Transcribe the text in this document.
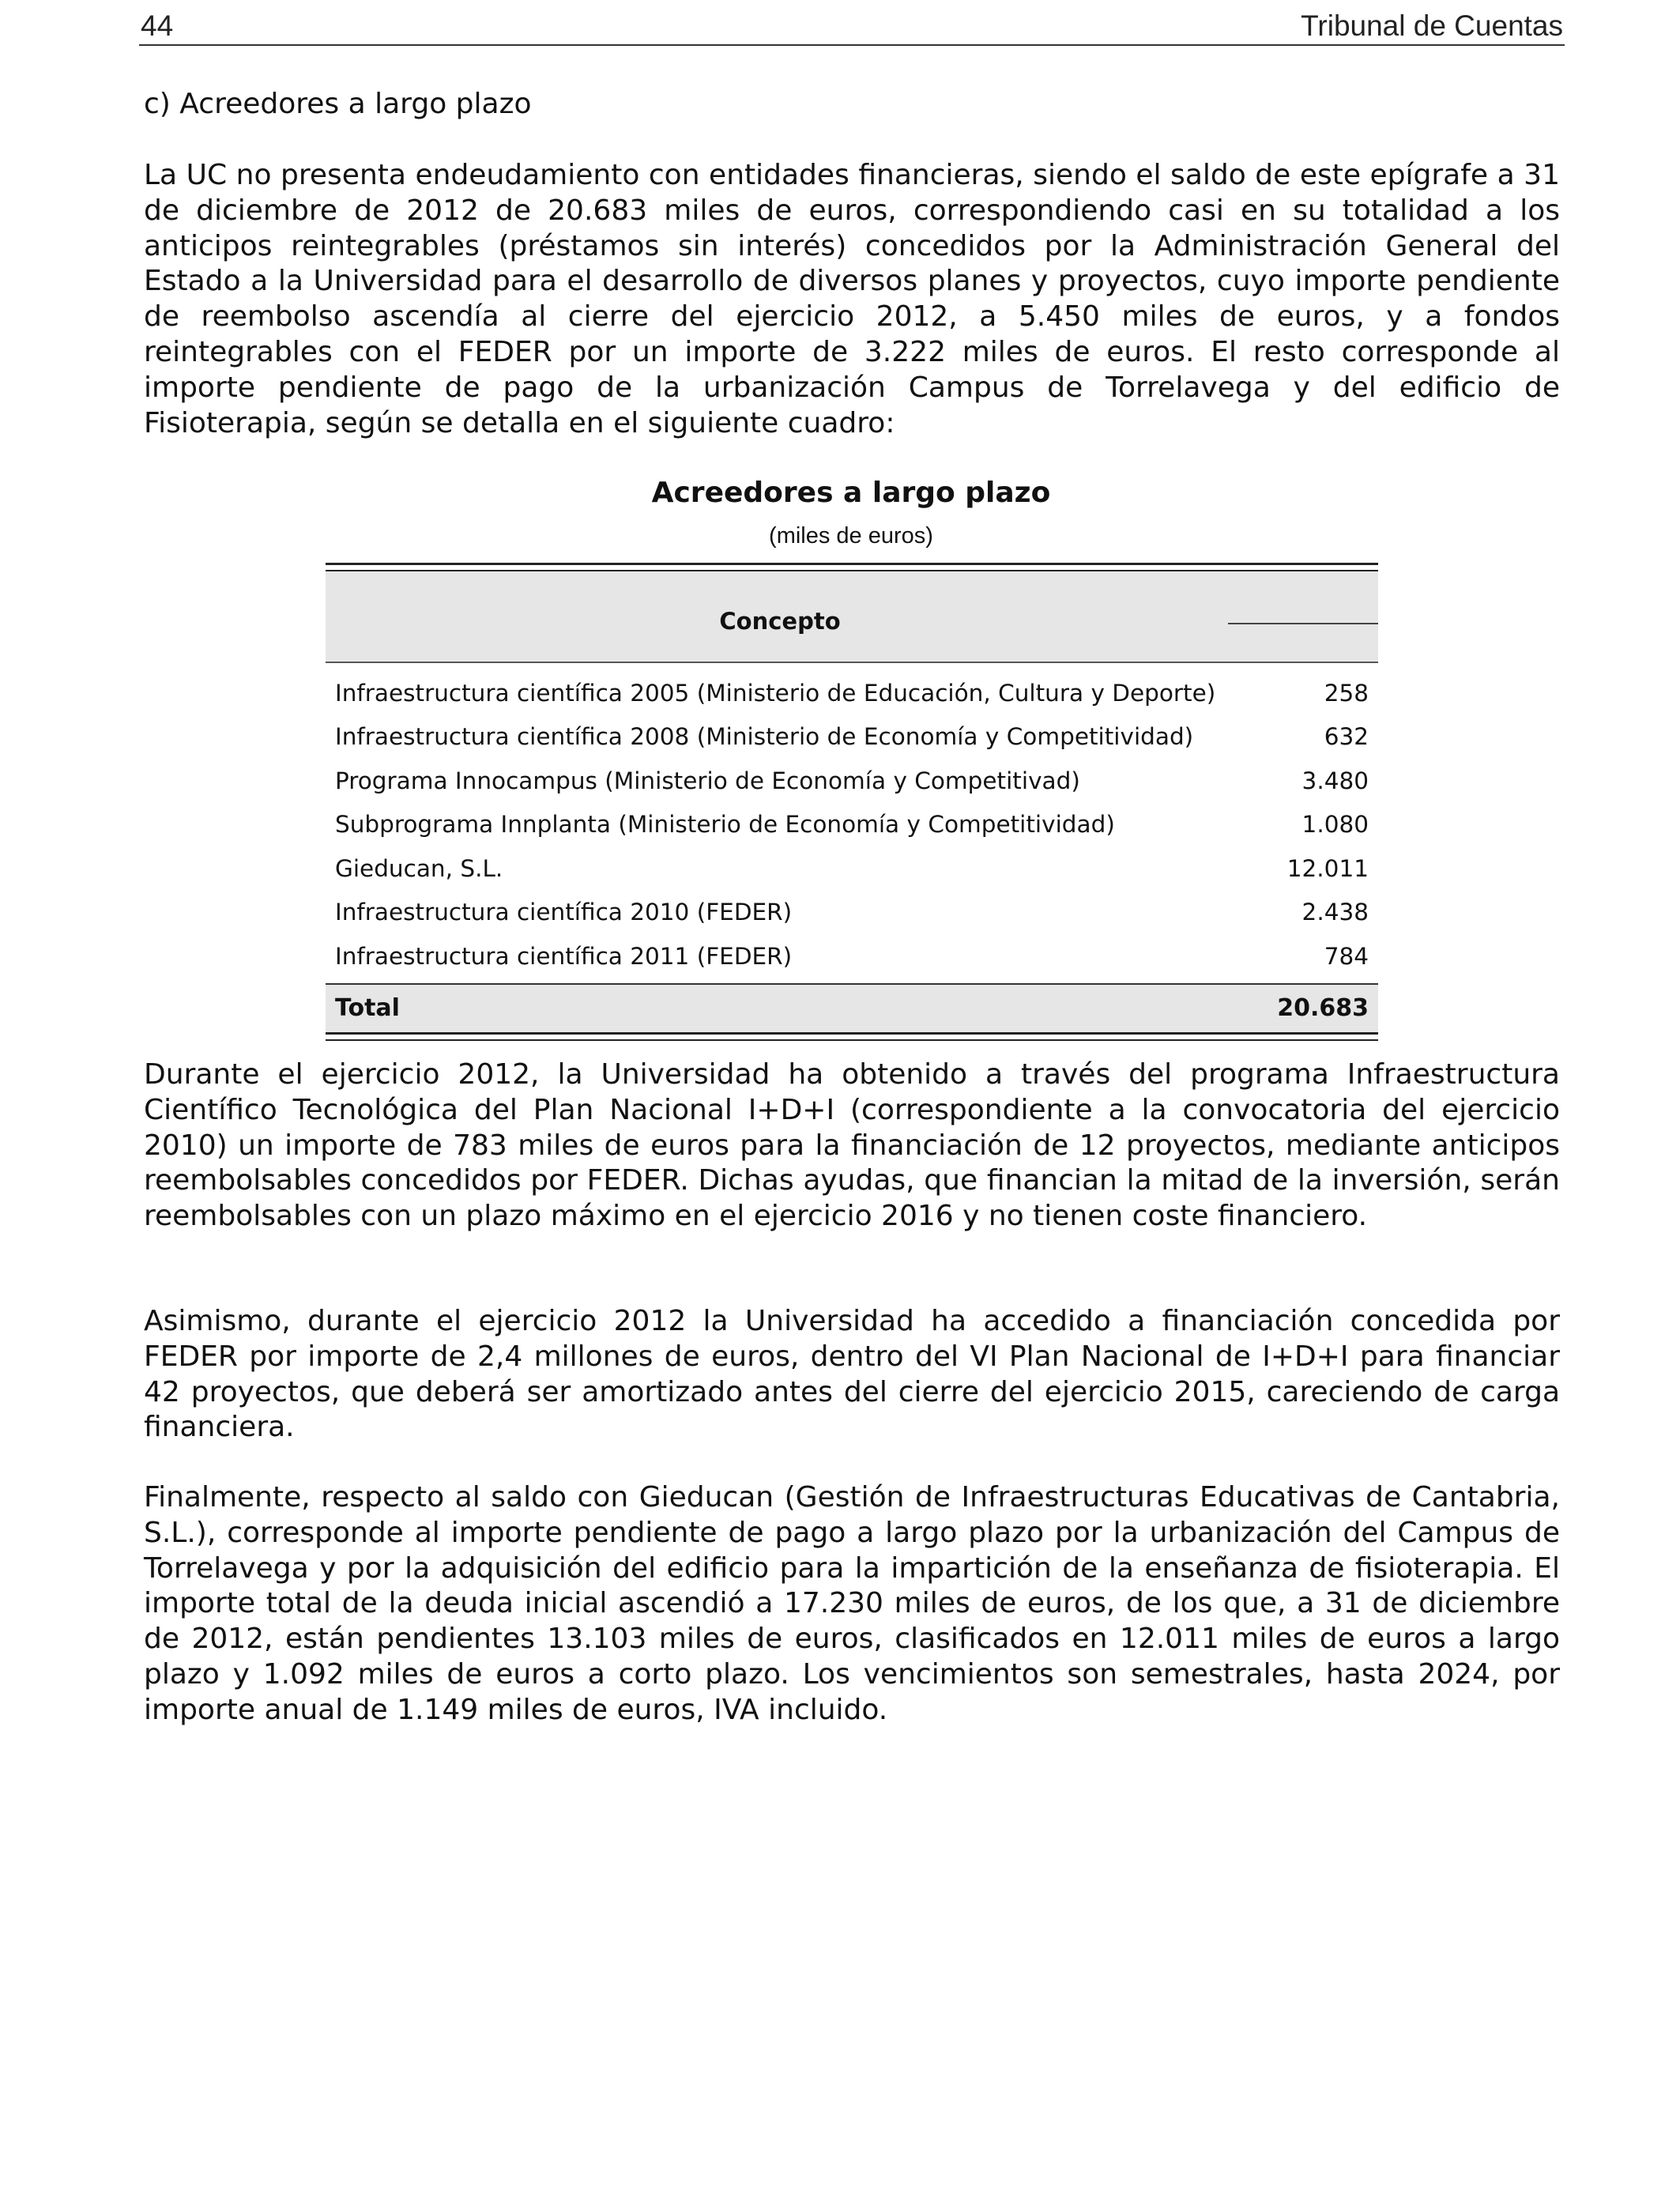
44	Tribunal de Cuentas
c) Acreedores a largo plazo

La UC no presenta endeudamiento con entidades financieras, siendo el saldo de este epígrafe a 31 de diciembre de 2012 de 20.683 miles de euros, correspondiendo casi en su totalidad a los anticipos reintegrables (préstamos sin interés) concedidos por la Administración General del Estado a la Universidad para el desarrollo de diversos planes y proyectos, cuyo importe pendiente de reembolso ascendía al cierre del ejercicio 2012, a 5.450 miles de euros, y a fondos reintegrables con el FEDER por un importe de 3.222 miles de euros. El resto corresponde al importe pendiente de pago de la urbanización Campus de Torrelavega y del edificio de Fisioterapia, según se detalla en el siguiente cuadro:

Acreedores a largo plazo
(miles de euros)
Concepto
Infraestructura científica 2005 (Ministerio de Educación, Cultura y Deporte)	258
Infraestructura científica 2008 (Ministerio de Economía y Competitividad)	632
Programa Innocampus (Ministerio de Economía y Competitivad)	3.480
Subprograma Innplanta (Ministerio de Economía y Competitividad)	1.080
Gieducan, S.L.	12.011
Infraestructura científica 2010 (FEDER)	2.438
Infraestructura científica 2011 (FEDER)	784
Total	20.683

Durante el ejercicio 2012, la Universidad ha obtenido a través del programa Infraestructura Científico Tecnológica del Plan Nacional I+D+I (correspondiente a la convocatoria del ejercicio 2010) un importe de 783 miles de euros para la financiación de 12 proyectos, mediante anticipos reembolsables concedidos por FEDER. Dichas ayudas, que financian la mitad de la inversión, serán reembolsables con un plazo máximo en el ejercicio 2016 y no tienen coste financiero.

Asimismo, durante el ejercicio 2012 la Universidad ha accedido a financiación concedida por FEDER por importe de 2,4 millones de euros, dentro del VI Plan Nacional de I+D+I para financiar 42 proyectos, que deberá ser amortizado antes del cierre del ejercicio 2015, careciendo de carga financiera.

Finalmente, respecto al saldo con Gieducan (Gestión de Infraestructuras Educativas de Cantabria, S.L.), corresponde al importe pendiente de pago a largo plazo por la urbanización del Campus de Torrelavega y por la adquisición del edificio para la impartición de la enseñanza de fisioterapia. El importe total de la deuda inicial ascendió a 17.230 miles de euros, de los que, a 31 de diciembre de 2012, están pendientes 13.103 miles de euros, clasificados en 12.011 miles de euros a largo plazo y 1.092 miles de euros a corto plazo. Los vencimientos son semestrales, hasta 2024, por importe anual de 1.149 miles de euros, IVA incluido.
